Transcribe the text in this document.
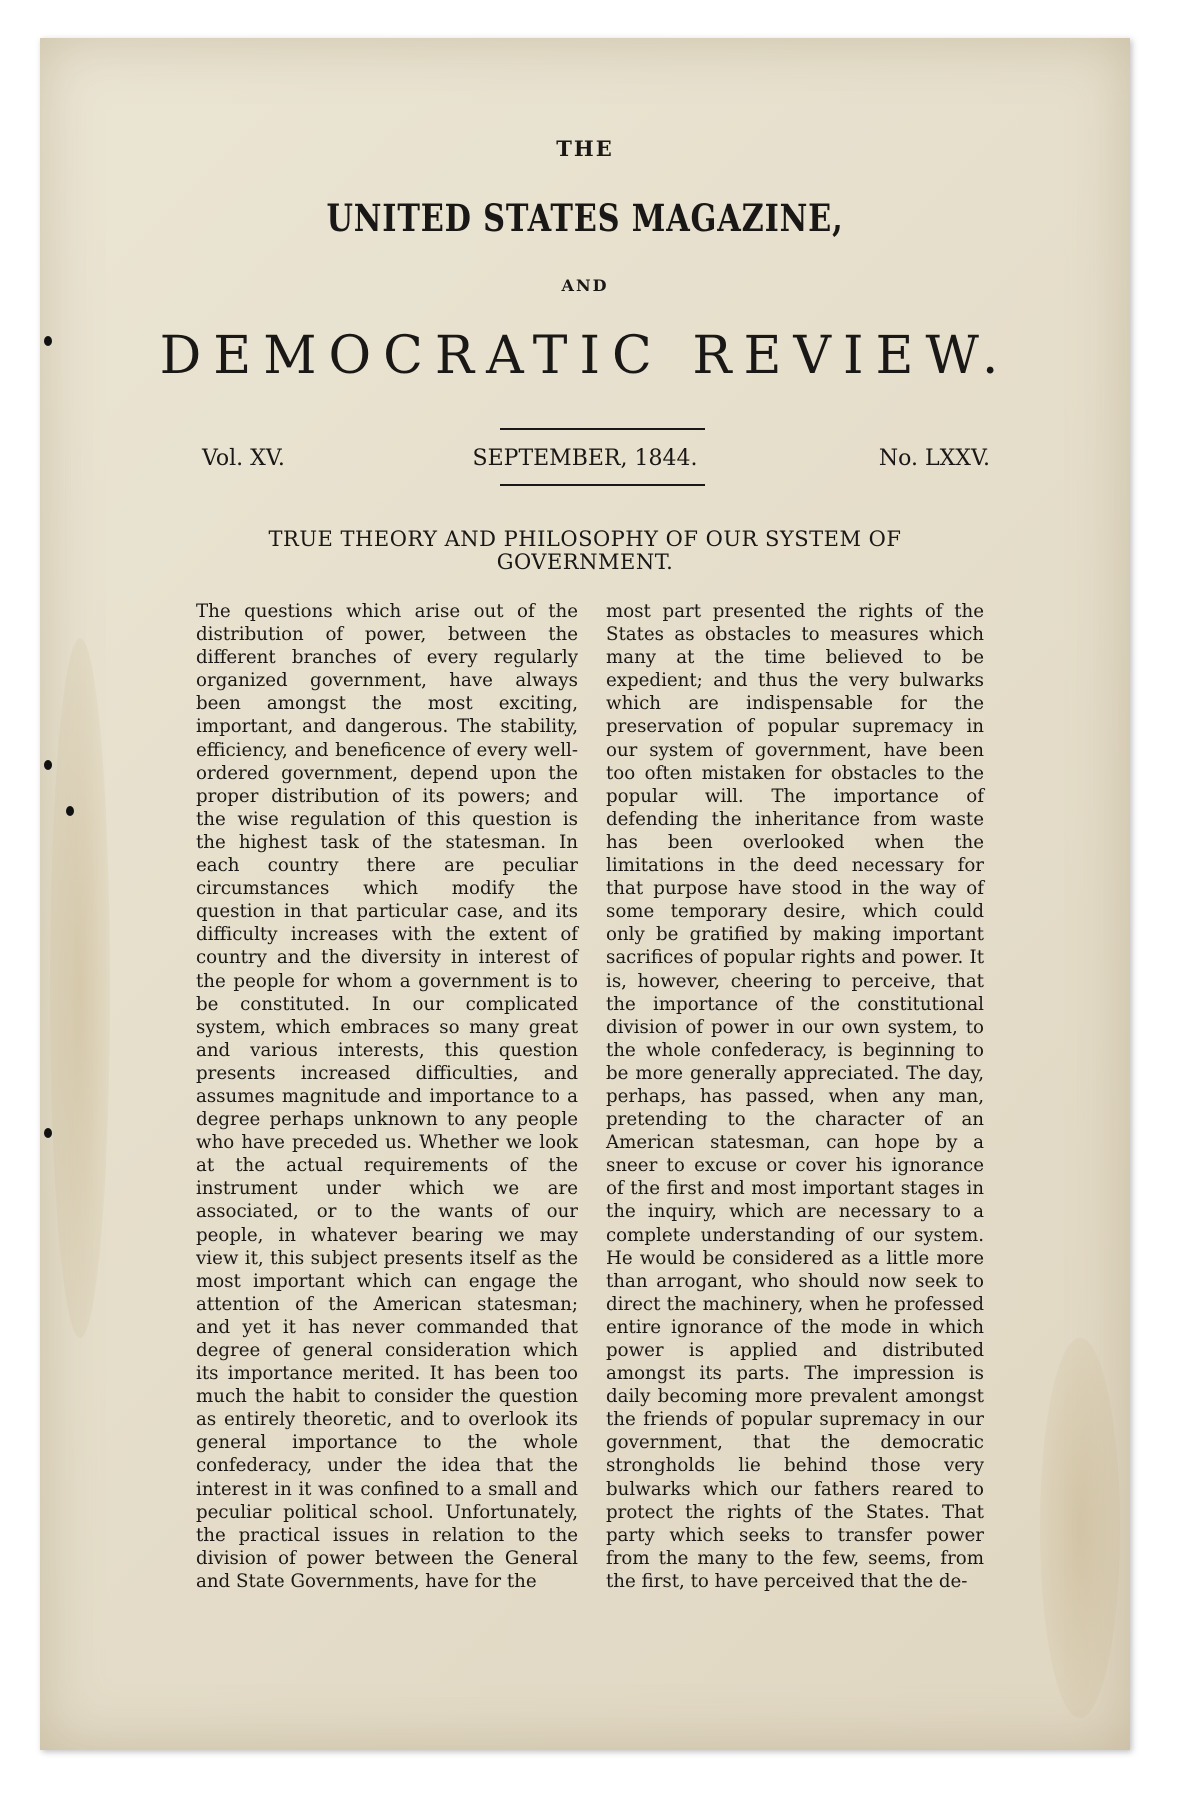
THE
UNITED STATES MAGAZINE,
AND
DEMOCRATIC REVIEW.
Vol. XV.	SEPTEMBER, 1844.	No. LXXV.
TRUE THEORY AND PHILOSOPHY OF OUR SYSTEM OF GOVERNMENT.

The questions which arise out of the distribution of power, between the different branches of every regularly organized government, have always been amongst the most exciting, important, and dangerous. The stability, efficiency, and beneficence of every well-ordered government, depend upon the proper distribution of its powers; and the wise regulation of this question is the highest task of the statesman. In each country there are peculiar circumstances which modify the question in that particular case, and its difficulty increases with the extent of country and the diversity in interest of the people for whom a government is to be constituted. In our complicated system, which embraces so many great and various interests, this question presents increased difficulties, and assumes magnitude and importance to a degree perhaps unknown to any people who have preceded us. Whether we look at the actual requirements of the instrument under which we are associated, or to the wants of our people, in whatever bearing we may view it, this subject presents itself as the most important which can engage the attention of the American statesman; and yet it has never commanded that degree of general consideration which its importance merited. It has been too much the habit to consider the question as entirely theoretic, and to overlook its general importance to the whole confederacy, under the idea that the interest in it was confined to a small and peculiar political school. Unfortunately, the practical issues in relation to the division of power between the General and State Governments, have for the

most part presented the rights of the States as obstacles to measures which many at the time believed to be expedient; and thus the very bulwarks which are indispensable for the preservation of popular supremacy in our system of government, have been too often mistaken for obstacles to the popular will. The importance of defending the inheritance from waste has been overlooked when the limitations in the deed necessary for that purpose have stood in the way of some temporary desire, which could only be gratified by making important sacrifices of popular rights and power. It is, however, cheering to perceive, that the importance of the constitutional division of power in our own system, to the whole confederacy, is beginning to be more generally appreciated. The day, perhaps, has passed, when any man, pretending to the character of an American statesman, can hope by a sneer to excuse or cover his ignorance of the first and most important stages in the inquiry, which are necessary to a complete understanding of our system. He would be considered as a little more than arrogant, who should now seek to direct the machinery, when he professed entire ignorance of the mode in which power is applied and distributed amongst its parts. The impression is daily becoming more prevalent amongst the friends of popular supremacy in our government, that the democratic strongholds lie behind those very bulwarks which our fathers reared to protect the rights of the States. That party which seeks to transfer power from the many to the few, seems, from the first, to have perceived that the de-
